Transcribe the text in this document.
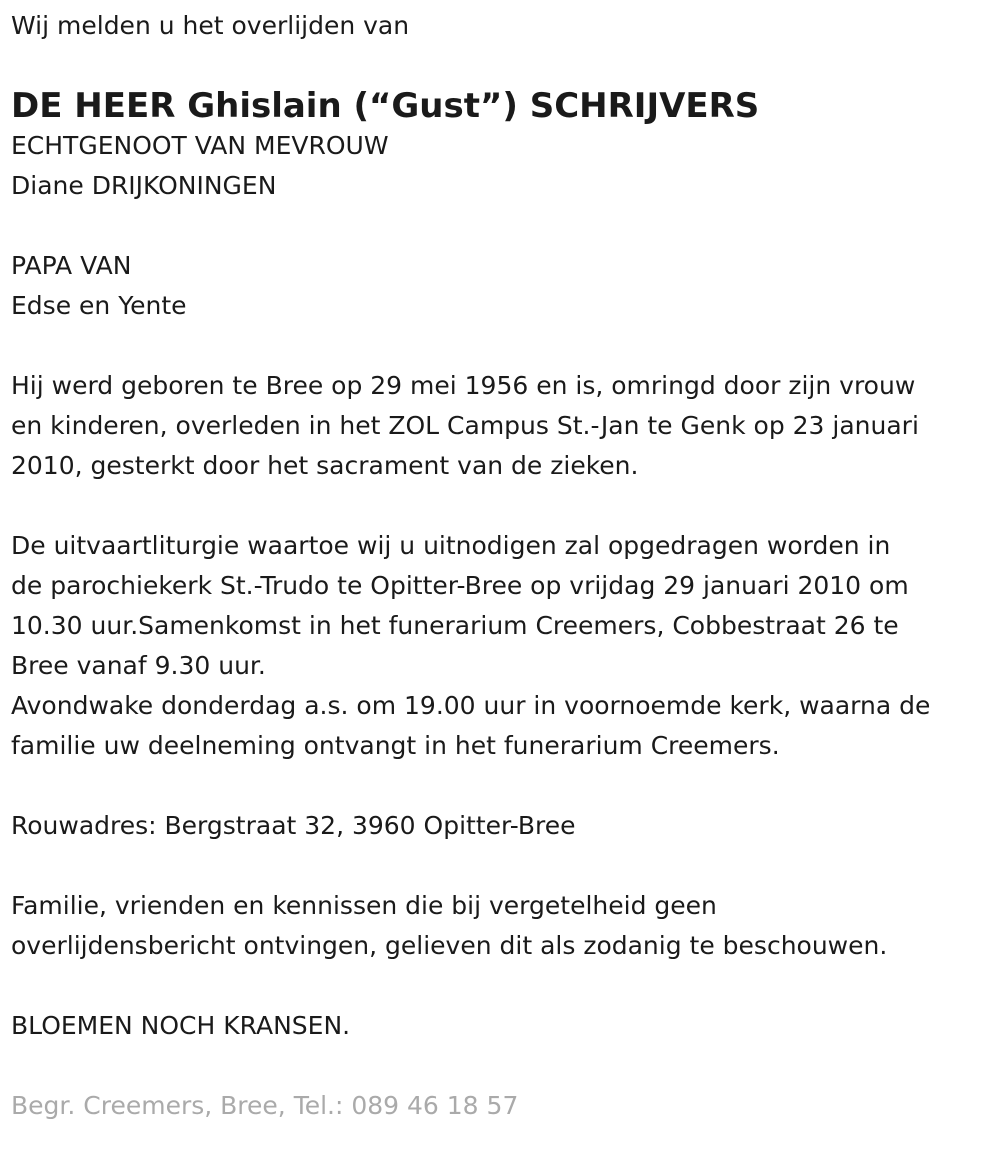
Wij melden u het overlijden van
DE HEER Ghislain (“Gust”) SCHRIJVERS
ECHTGENOOT VAN MEVROUW
Diane DRIJKONINGEN
PAPA VAN
Edse en Yente
Hij werd geboren te Bree op 29 mei 1956 en is, omringd door zijn vrouw
en kinderen, overleden in het ZOL Campus St.-Jan te Genk op 23 januari
2010, gesterkt door het sacrament van de zieken.
De uitvaartliturgie waartoe wij u uitnodigen zal opgedragen worden in
de parochiekerk St.-Trudo te Opitter-Bree op vrijdag 29 januari 2010 om
10.30 uur.Samenkomst in het funerarium Creemers, Cobbestraat 26 te
Bree vanaf 9.30 uur.
Avondwake donderdag a.s. om 19.00 uur in voornoemde kerk, waarna de
familie uw deelneming ontvangt in het funerarium Creemers.
Rouwadres: Bergstraat 32, 3960 Opitter-Bree
Familie, vrienden en kennissen die bij vergetelheid geen
overlijdensbericht ontvingen, gelieven dit als zodanig te beschouwen.
BLOEMEN NOCH KRANSEN.
Begr. Creemers, Bree, Tel.: 089 46 18 57
